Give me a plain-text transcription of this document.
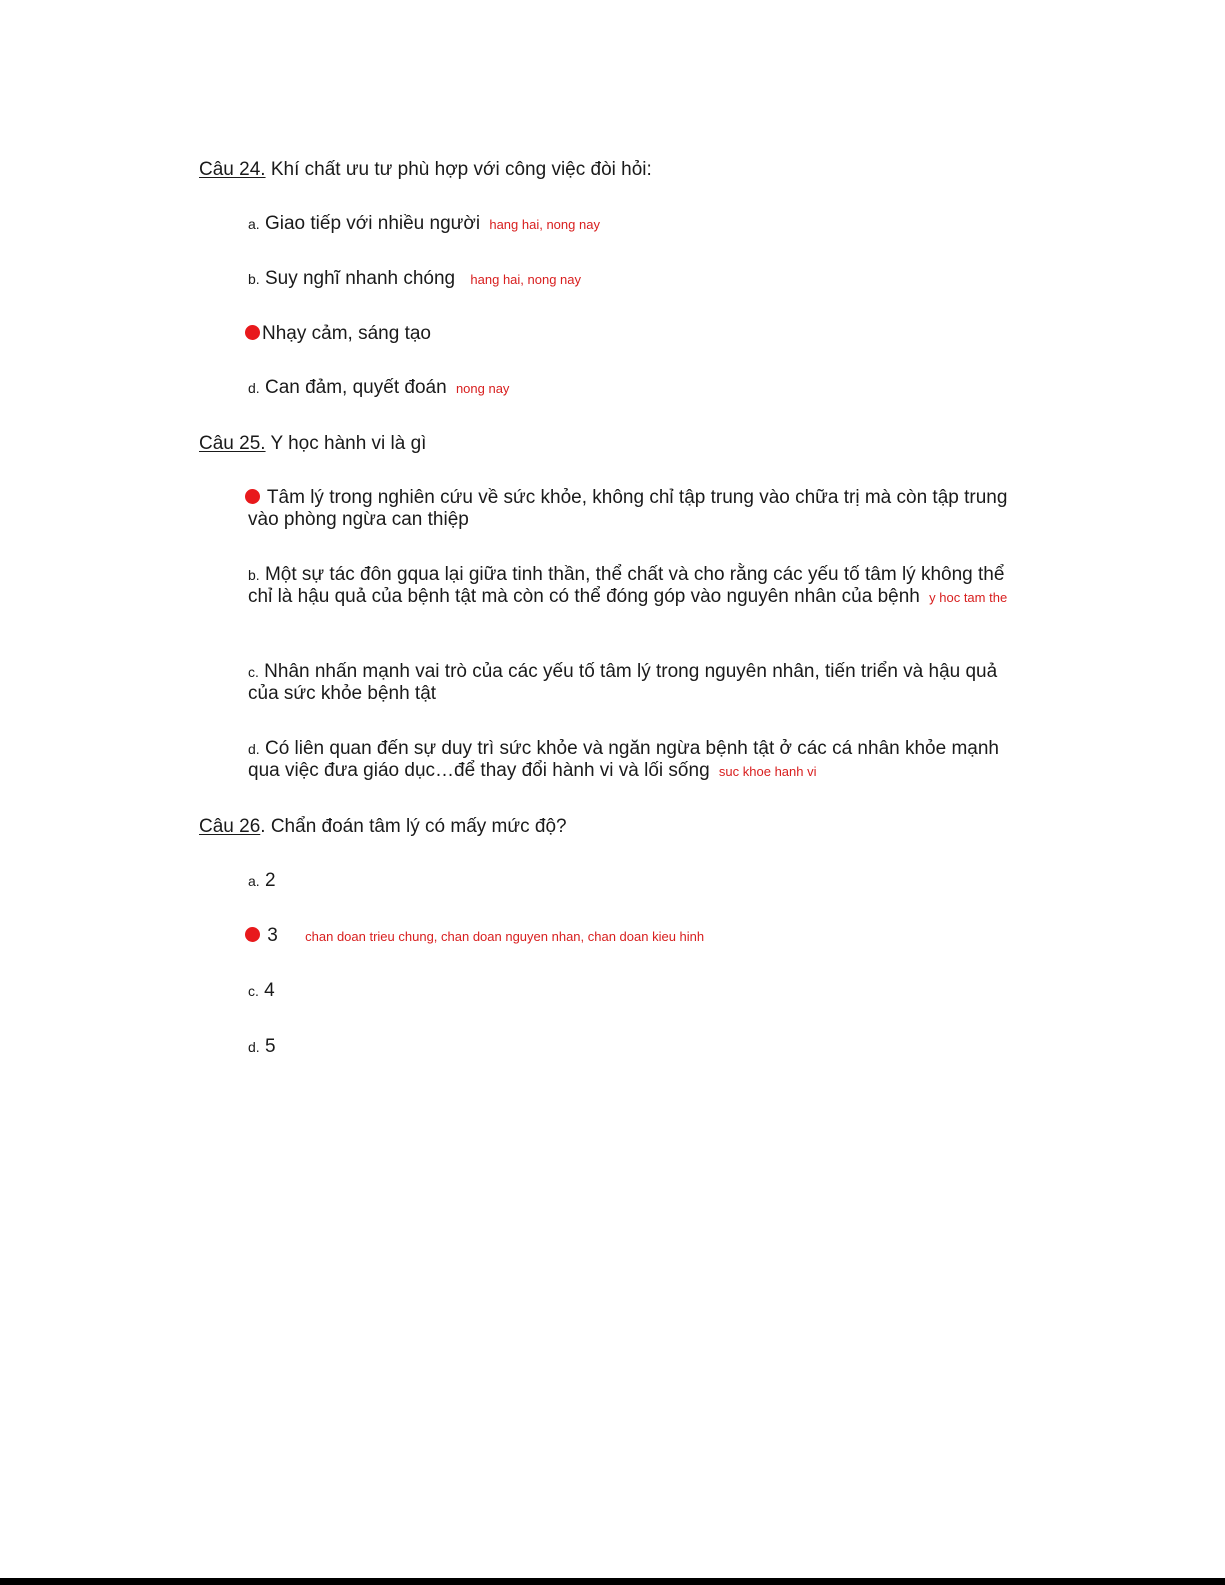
Câu 24. Khí chất ưu tư phù hợp với công việc đòi hỏi:
a. Giao tiếp với nhiều người hang hai, nong nay
b. Suy nghĩ nhanh chóng hang hai, nong nay
Nhạy cảm, sáng tạo
d. Can đảm, quyết đoán nong nay
Câu 25. Y học hành vi là gì
Tâm lý trong nghiên cứu về sức khỏe, không chỉ tập trung vào chữa trị mà còn tập trung vào phòng ngừa can thiệp
b. Một sự tác đôn gqua lại giữa tinh thần, thể chất và cho rằng các yếu tố tâm lý không thể chỉ là hậu quả của bệnh tật mà còn có thể đóng góp vào nguyên nhân của bệnh y hoc tam the
c. Nhân nhấn mạnh vai trò của các yếu tố tâm lý trong nguyên nhân, tiến triển và hậu quả của sức khỏe bệnh tật
d. Có liên quan đến sự duy trì sức khỏe và ngăn ngừa bệnh tật ở các cá nhân khỏe mạnh qua việc đưa giáo dục…để thay đổi hành vi và lối sống suc khoe hanh vi
Câu 26. Chẩn đoán tâm lý có mấy mức độ?
a. 2
3 chan doan trieu chung, chan doan nguyen nhan, chan doan kieu hinh
c. 4
d. 5
